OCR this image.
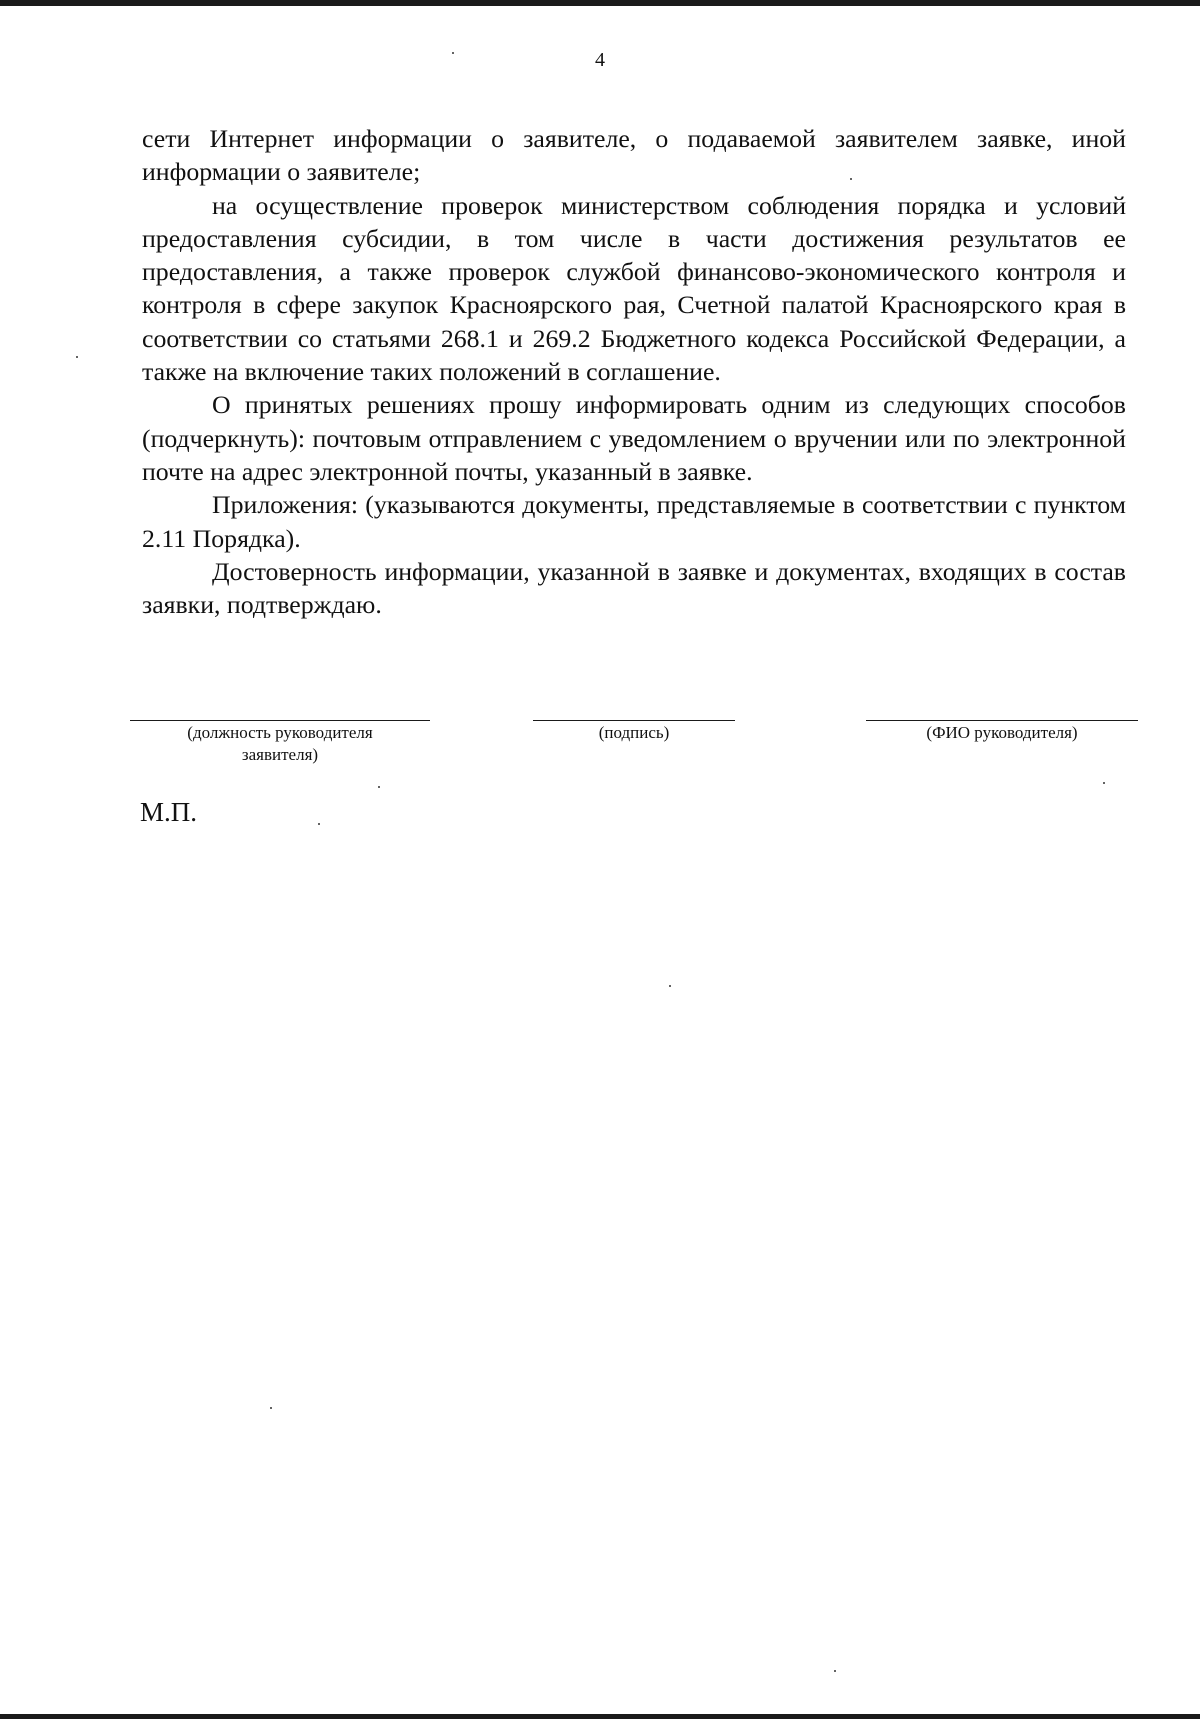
4

сети Интернет информации о заявителе, о подаваемой заявителем заявке, иной информации о заявителе;

на осуществление проверок министерством соблюдения порядка и условий предоставления субсидии, в том числе в части достижения результатов ее предоставления, а также проверок службой финансово-экономического контроля и контроля в сфере закупок Красноярского рая, Счетной палатой Красноярского края в соответствии со статьями 268.1 и 269.2 Бюджетного кодекса Российской Федерации, а также на включение таких положений в соглашение.

О принятых решениях прошу информировать одним из следующих способов (подчеркнуть): почтовым отправлением с уведомлением о вручении или по электронной почте на адрес электронной почты, указанный в заявке.

Приложения: (указываются документы, представляемые в соответствии с пунктом 2.11 Порядка).

Достоверность информации, указанной в заявке и документах, входящих в состав заявки, подтверждаю.

(должность руководителя заявителя)
(подпись)	(ФИО руководителя)
М.П.
